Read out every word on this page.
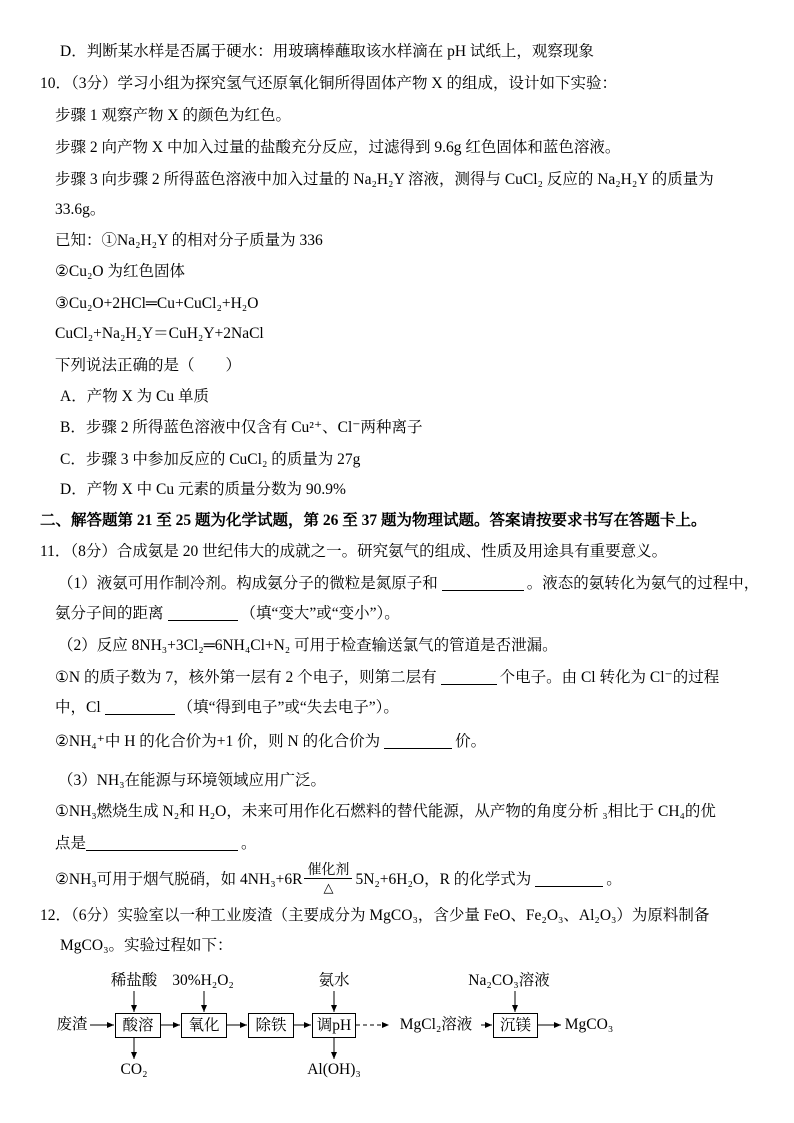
D．判断某水样是否属于硬水：用玻璃棒蘸取该水样滴在 pH 试纸上，观察现象
10．（3分）学习小组为探究氢气还原氧化铜所得固体产物 X 的组成，设计如下实验：
步骤 1 观察产物 X 的颜色为红色。
步骤 2 向产物 X 中加入过量的盐酸充分反应，过滤得到 9.6g 红色固体和蓝色溶液。
步骤 3 向步骤 2 所得蓝色溶液中加入过量的 Na₂H₂Y 溶液，测得与 CuCl₂ 反应的 Na₂H₂Y 的质量为
33.6g。
已知：①Na₂H₂Y 的相对分子质量为 336
②Cu₂O 为红色固体
③Cu₂O+2HCl═Cu+CuCl₂+H₂O
CuCl₂+Na₂H₂Y＝CuH₂Y+2NaCl
下列说法正确的是（　　）
A．产物 X 为 Cu 单质
B．步骤 2 所得蓝色溶液中仅含有 Cu²⁺、Cl⁻两种离子
C．步骤 3 中参加反应的 CuCl₂ 的质量为 27g
D．产物 X 中 Cu 元素的质量分数为 90.9%
二、解答题第 21 至 25 题为化学试题，第 26 至 37 题为物理试题。答案请按要求书写在答题卡上。
11．（8分）合成氨是 20 世纪伟大的成就之一。研究氨气的组成、性质及用途具有重要意义。
（1）液氨可用作制冷剂。构成氨分子的微粒是氮原子和	。液态的氨转化为氨气的过程中，
氨分子间的距离	（填“变大”或“变小”）。
（2）反应 8NH₃+3Cl₂═6NH₄Cl+N₂ 可用于检查输送氯气的管道是否泄漏。
①N 的质子数为 7，核外第一层有 2 个电子，则第二层有	个电子。由 Cl 转化为 Cl⁻的过程
中，Cl	（填“得到电子”或“失去电子”）。
②NH₄⁺中 H 的化合价为+1 价，则 N 的化合价为	价。
（3）NH₃在能源与环境领域应用广泛。
①NH₃燃烧生成 N₂和 H₂O，未来可用作化石燃料的替代能源，从产物的角度分析 ₃相比于 CH₄的优
点是	。
②NH₃可用于烟气脱硝，如 4NH₃+6R
催化剂
△	5N₂+6H₂O，R 的化学式为	。
12．（6分）实验室以一种工业废渣（主要成分为 MgCO₃，含少量 FeO、Fe₂O₃、Al₂O₃）为原料制备
MgCO₃。实验过程如下：
稀盐酸 30%H₂O₂	氨水	Na₂CO₃溶液
废渣	酸溶	氧化	除铁	调pH	MgCl₂溶液	沉镁	MgCO₃
CO₂	Al(OH)₃
